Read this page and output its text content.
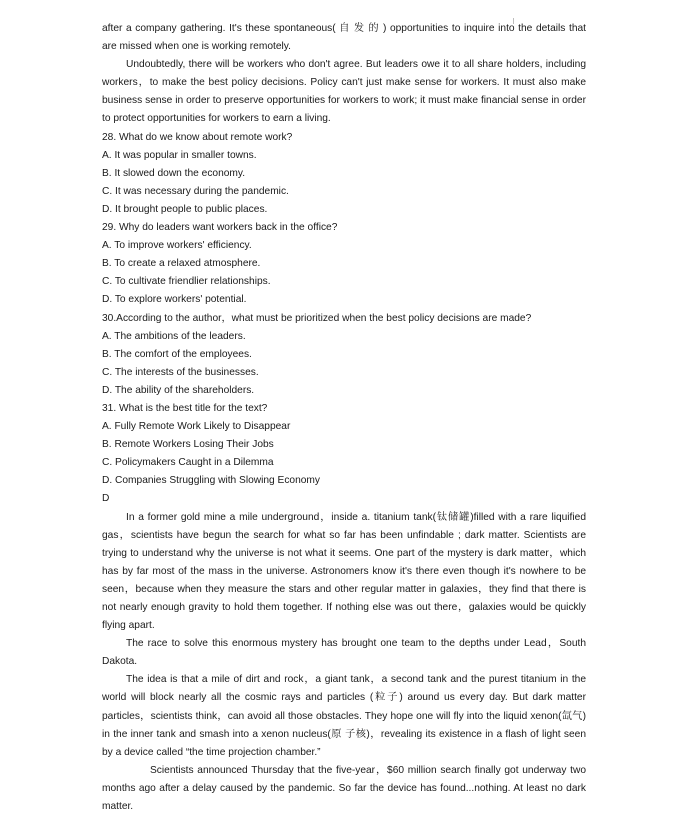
after a company gathering. It's these spontaneous( 自 发 的 ) opportunities to inquire into the details that are missed when one is working remotely.

Undoubtedly, there will be workers who don't agree. But leaders owe it to all share holders, including workers，to make the best policy decisions. Policy can't just make sense for workers. It must also make business sense in order to preserve opportunities for workers to work; it must make financial sense in order to protect opportunities for workers to earn a living.

28. What do we know about remote work?

A. It was popular in smaller towns.

B. It slowed down the economy.

C. It was necessary during the pandemic.

D. It brought people to public places.

29. Why do leaders want workers back in the office?

A. To improve workers' efficiency.

B. To create a relaxed atmosphere.

C. To cultivate friendlier relationships.

D. To explore workers' potential.

30.According to the author，what must be prioritized when the best policy decisions are made?

A. The ambitions of the leaders.

B. The comfort of the employees.

C. The interests of the businesses.

D. The ability of the shareholders.

31. What is the best title for the text?

A. Fully Remote Work Likely to Disappear

B. Remote Workers Losing Their Jobs

C. Policymakers Caught in a Dilemma

D. Companies Struggling with Slowing Economy

D

In a former gold mine a mile underground，inside a. titanium tank(钛储罐)filled with a rare liquified gas，scientists have begun the search for what so far has been unfindable ; dark matter. Scientists are trying to understand why the universe is not what it seems. One part of the mystery is dark matter，which has by far most of the mass in the universe. Astronomers know it's there even though it's nowhere to be seen，because when they measure the stars and other regular matter in galaxies，they find that there is not nearly enough gravity to hold them together. If nothing else was out there，galaxies would be quickly flying apart.

The race to solve this enormous mystery has brought one team to the depths under Lead，South Dakota.

The idea is that a mile of dirt and rock，a giant tank，a second tank and the purest titanium in the world will block nearly all the cosmic rays and particles (粒子) around us every day. But dark matter particles，scientists think，can avoid all those obstacles. They hope one will fly into the liquid xenon(氙气) in the inner tank and smash into a xenon nucleus(原 子核)，revealing its existence in a flash of light seen by a device called “the time projection chamber.”

Scientists announced Thursday that the five-year，$60 million search finally got underway two months ago after a delay caused by the pandemic. So far the device has found...nothing. At least no dark matter.
